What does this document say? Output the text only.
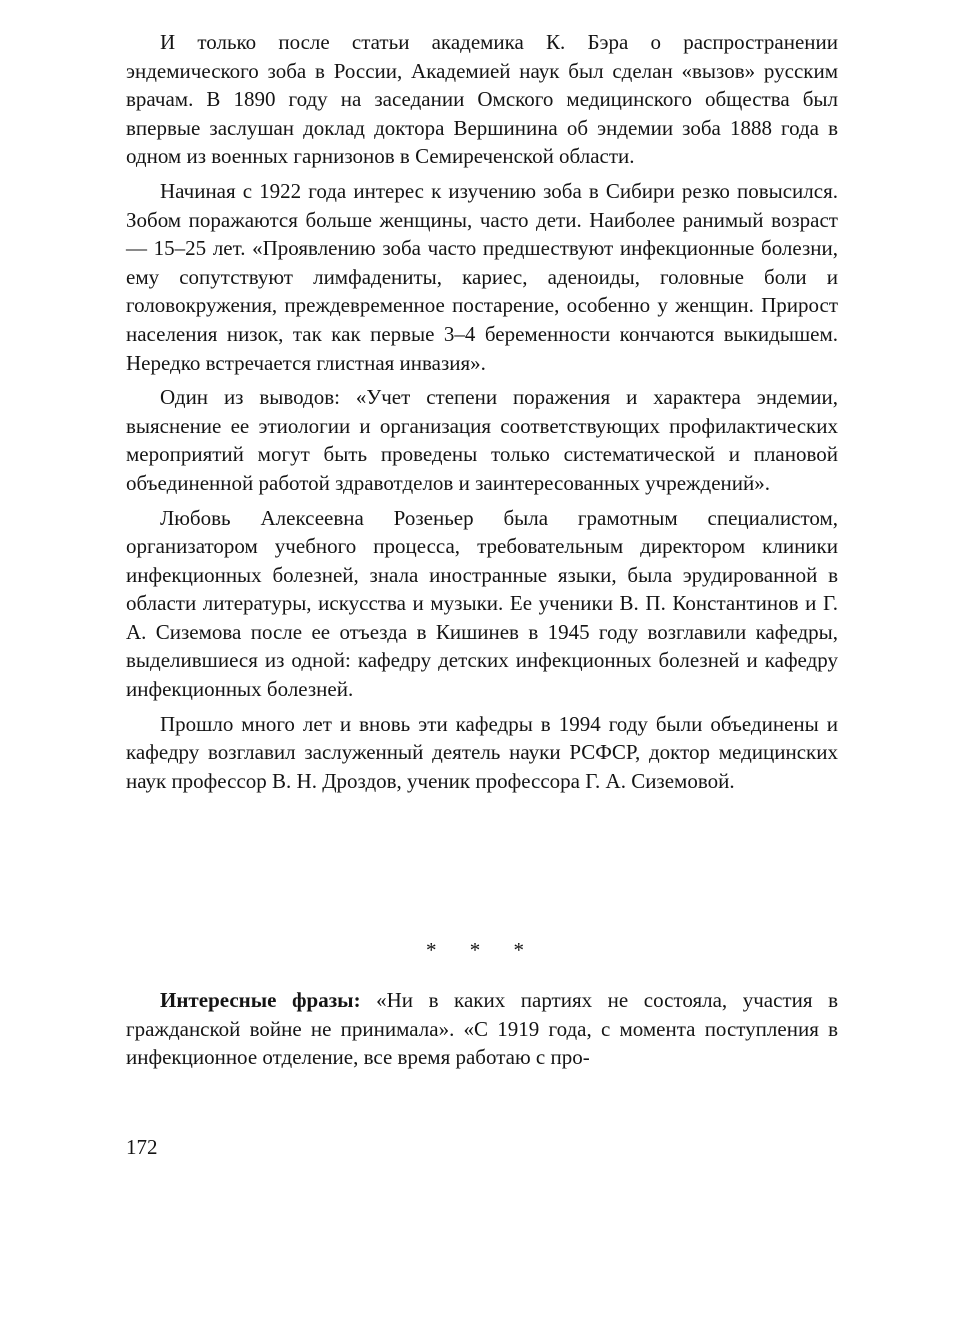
И только после статьи академика К. Бэра о распространении эндемического зоба в России, Академией наук был сделан «вызов» русским врачам. В 1890 году на заседании Омского медицинского общества был впервые заслушан доклад доктора Вершинина об эндемии зоба 1888 года в одном из военных гарнизонов в Семиреченской области.

Начиная с 1922 года интерес к изучению зоба в Сибири резко повысился. Зобом поражаются больше женщины, часто дети. Наиболее ранимый возраст — 15–25 лет. «Проявлению зоба часто предшествуют инфекционные болезни, ему сопутствуют лимфадениты, кариес, аденоиды, головные боли и головокружения, преждевременное постарение, особенно у женщин. Прирост населения низок, так как первые 3–4 беременности кончаются выкидышем. Нередко встречается глистная инвазия».

Один из выводов: «Учет степени поражения и характера эндемии, выяснение ее этиологии и организация соответствующих профилактических мероприятий могут быть проведены только систематической и плановой объединенной работой здравотделов и заинтересованных учреждений».

Любовь Алексеевна Розеньер была грамотным специалистом, организатором учебного процесса, требовательным директором клиники инфекционных болезней, знала иностранные языки, была эрудированной в области литературы, искусства и музыки. Ее ученики В. П. Константинов и Г. А. Сиземова после ее отъезда в Кишинев в 1945 году возглавили кафедры, выделившиеся из одной: кафедру детских инфекционных болезней и кафедру инфекционных болезней.

Прошло много лет и вновь эти кафедры в 1994 году были объединены и кафедру возглавил заслуженный деятель науки РСФСР, доктор медицинских наук профессор В. Н. Дроздов, ученик профессора Г. А. Сиземовой.

* * *

Интересные фразы: «Ни в каких партиях не состояла, участия в гражданской войне не принимала». «С 1919 года, с момента поступления в инфекционное отделение, все время работаю с про-

172
